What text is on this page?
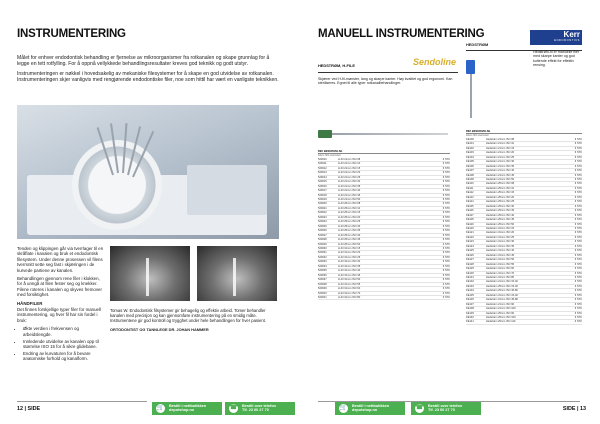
INSTRUMENTERING

Målet for enhver endodontisk behandling er fjernelse av mikroorganismer fra rotkanalen og skape grunnlag for å legge en tett rotfylling. For å oppnå vellykkede behandlingsresultater kreves god teknikk og godt utstyr.

Instrumenteringen er nøkkel i hovedsakelig av mekaniske filesystemer for å skape en god utvidelse av rotkanalen. Instrumenteringen skjer vanligvis med rengjørende endodontiske filer, noe som hittil har vært en vanligste teknikken.

Tenden og klippingen går via tverrlager til en skråflate i kanalen og bruk et endodontisk filesystem. Under denne prosessen vil filens tverrsnitt sette seg fast i skjæringen i de kurvede partiene av kanalen.

Behandlingen gjennom rene filer i klokken, for å unngå at filen fester seg og knekker. Filene roteres i kanalen og skyves fremover med forsiktighet.

HÅNDFILER

Det finnes forskjellige typer filer for manuell instrumentering, og hver fil har sin fordel i bruk:

• Økte verdien i frekvensen og arbeidslengde.
• Innledende utvidelse av kanalen opp til størrelse ISO 15 for å sikre glidebane.
• Endring av kurvaturen for å bevare anatomiske forhold og kanalform.
Tomas W. Endodontisk filsystemer gir behagelig og effektiv arbeid. Tomer behandler kanalen med precisjon og kan gjennomføre instrumentering på en smidig måte. Instrumentene gir god kontroll og trygghet under hele behandlingen for hver pasient.
ORTODONTIST OG TANNLEGE DR. JOHAN HAMMER
12 | SIDE	🛒 Bestill i nettbutikken
depotshop.no	☎ Bestill over telefon
Tlf. 23 00 27 70
MANUELL INSTRUMENTERING
HEDSTRØM, H-FILE	Sendoline
Skjærer ved H-fil-mønster, lang og skarpe kanter. Høy kvalitet og god ergonomi. Kan steriliseres. Egnet til alle typer rotkanalbehandlinger.
REF BESKRIVELSE
Flere ISO-størrelser
520010	H-Fil 21mm ISO 08	6 STK
520011	H-Fil 21mm ISO 10	6 STK
520012	H-Fil 21mm ISO 15	6 STK
520013	H-Fil 21mm ISO 20	6 STK
520014	H-Fil 21mm ISO 25	6 STK
520015	H-Fil 21mm ISO 30	6 STK
520016	H-Fil 21mm ISO 35	6 STK
520017	H-Fil 21mm ISO 40	6 STK
520018	H-Fil 21mm ISO 45	6 STK
520019	H-Fil 21mm ISO 50	6 STK
520020	H-Fil 25mm ISO 08	6 STK
520021	H-Fil 25mm ISO 10	6 STK
520022	H-Fil 25mm ISO 15	6 STK
520023	H-Fil 25mm ISO 20	6 STK
520024	H-Fil 25mm ISO 25	6 STK
520025	H-Fil 25mm ISO 30	6 STK
520026	H-Fil 25mm ISO 35	6 STK
520027	H-Fil 25mm ISO 40	6 STK
520028	H-Fil 25mm ISO 45	6 STK
520029	H-Fil 25mm ISO 50	6 STK
520030	H-Fil 31mm ISO 15	6 STK
520031	H-Fil 31mm ISO 20	6 STK
520032	H-Fil 31mm ISO 25	6 STK
520033	H-Fil 31mm ISO 30	6 STK
520034	H-Fil 31mm ISO 35	6 STK
520035	H-Fil 31mm ISO 40	6 STK
520036	H-Fil 31mm ISO 45	6 STK
520037	H-Fil 31mm ISO 50	6 STK
520038	H-Fil 31mm ISO 55	6 STK
520039	H-Fil 31mm ISO 60	6 STK
520040	H-Fil 31mm ISO 70	6 STK
520041	H-Fil 31mm ISO 80	6 STK
HEDSTRØM
Kerr
ENDODONTICS
Hedstrøm-fil er manuelle filer med skarpe kanter og god kuttende effekt for effektiv rensing.
REF BESKRIVELSE
Flere ISO-størrelser
KE100	Hedstrøm 21mm ISO 08	6 STK
KE101	Hedstrøm 21mm ISO 10	6 STK
KE102	Hedstrøm 21mm ISO 15	6 STK
KE103	Hedstrøm 21mm ISO 20	6 STK
KE104	Hedstrøm 21mm ISO 25	6 STK
KE105	Hedstrøm 21mm ISO 30	6 STK
KE106	Hedstrøm 21mm ISO 35	6 STK
KE107	Hedstrøm 21mm ISO 40	6 STK
KE108	Hedstrøm 21mm ISO 45	6 STK
KE109	Hedstrøm 21mm ISO 50	6 STK
KE110	Hedstrøm 25mm ISO 08	6 STK
KE111	Hedstrøm 25mm ISO 10	6 STK
KE112	Hedstrøm 25mm ISO 15	6 STK
KE113	Hedstrøm 25mm ISO 20	6 STK
KE114	Hedstrøm 25mm ISO 25	6 STK
KE115	Hedstrøm 25mm ISO 30	6 STK
KE116	Hedstrøm 25mm ISO 35	6 STK
KE117	Hedstrøm 25mm ISO 40	6 STK
KE118	Hedstrøm 25mm ISO 45	6 STK
KE119	Hedstrøm 25mm ISO 50	6 STK
KE120	Hedstrøm 31mm ISO 15	6 STK
KE121	Hedstrøm 31mm ISO 20	6 STK
KE122	Hedstrøm 31mm ISO 25	6 STK
KE123	Hedstrøm 31mm ISO 30	6 STK
KE124	Hedstrøm 31mm ISO 35	6 STK
KE125	Hedstrøm 31mm ISO 40	6 STK
KE126	Hedstrøm 31mm ISO 45	6 STK
KE127	Hedstrøm 31mm ISO 50	6 STK
KE128	Hedstrøm 31mm ISO 55	6 STK
KE129	Hedstrøm 31mm ISO 60	6 STK
KE130	Hedstrøm 31mm ISO 70	6 STK
KE131	Hedstrøm 31mm ISO 80	6 STK
KE132	Hedstrøm 21mm ISO 15-40	6 STK
KE133	Hedstrøm 25mm ISO 15-40	6 STK
KE134	Hedstrøm 25mm ISO 45-80	6 STK
KE135	Hedstrøm 31mm ISO 15-40	6 STK
KE136	Hedstrøm 31mm ISO 45-80	6 STK
KE137	Hedstrøm 21mm ISO 90	6 STK
KE138	Hedstrøm 21mm ISO 100	6 STK
KE139	Hedstrøm 25mm ISO 90	6 STK
KE140	Hedstrøm 25mm ISO 100	6 STK
KE141	Hedstrøm 25mm ISO 110	6 STK
SIDE | 13
🛒 Bestill i nettbutikken
depotshop.no	☎ Bestill over telefon
Tlf. 23 00 27 70
